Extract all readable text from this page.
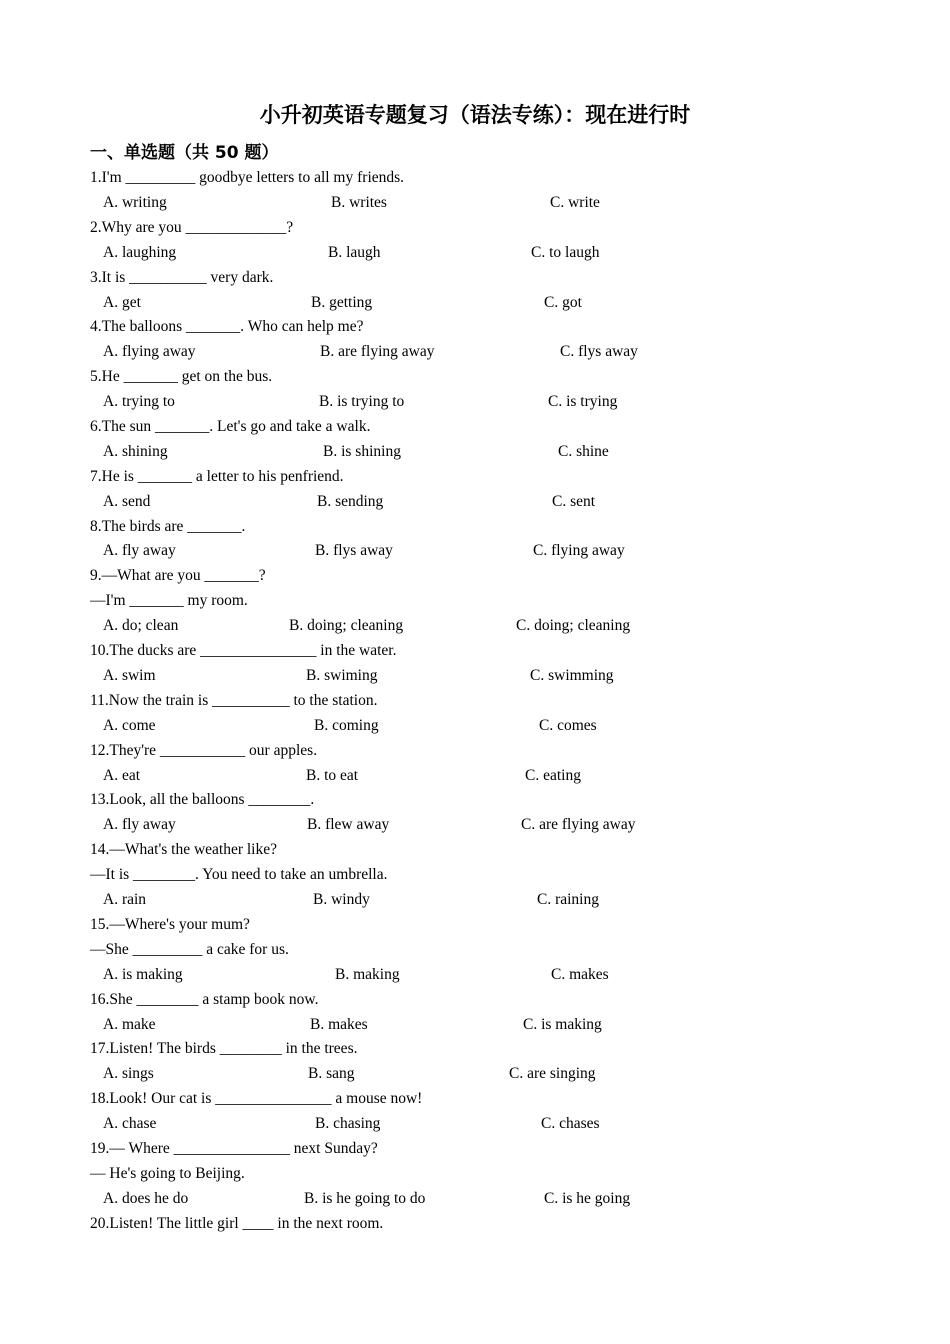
小升初英语专题复习（语法专练）：现在进行时
一、单选题（共 50 题）
1.I'm _________ goodbye letters to all my friends.
A. writing	B. writes	C. write
2.Why are you _____________?
A. laughing	B. laugh	C. to laugh
3.It is __________ very dark.
A. get	B. getting	C. got
4.The balloons _______. Who can help me?
A. flying away	B. are flying away	C. flys away
5.He _______ get on the bus.
A. trying to	B. is trying to	C. is trying
6.The sun _______. Let's go and take a walk.
A. shining	B. is shining	C. shine
7.He is _______ a letter to his penfriend.
A. send	B. sending	C. sent
8.The birds are _______.
A. fly away	B. flys away	C. flying away
9.—What are you _______?
—I'm _______ my room.
A. do; clean	B. doing; cleaning	C. doing; cleaning
10.The ducks are _______________ in the water.
A. swim	B. swiming	C. swimming
11.Now the train is __________ to the station.
A. come	B. coming	C. comes
12.They're ___________ our apples.
A. eat	B. to eat	C. eating
13.Look, all the balloons ________.
A. fly away	B. flew away	C. are flying away
14.—What's the weather like?
—It is ________. You need to take an umbrella.
A. rain	B. windy	C. raining
15.—Where's your mum?
—She _________ a cake for us.
A. is making	B. making	C. makes
16.She ________ a stamp book now.
A. make	B. makes	C. is making
17.Listen! The birds ________ in the trees.
A. sings	B. sang	C. are singing
18.Look! Our cat is _______________ a mouse now!
A. chase	B. chasing	C. chases
19.— Where _______________ next Sunday?
— He's going to Beijing.
A. does he do	B. is he going to do	C. is he going
20.Listen! The little girl ____ in the next room.
